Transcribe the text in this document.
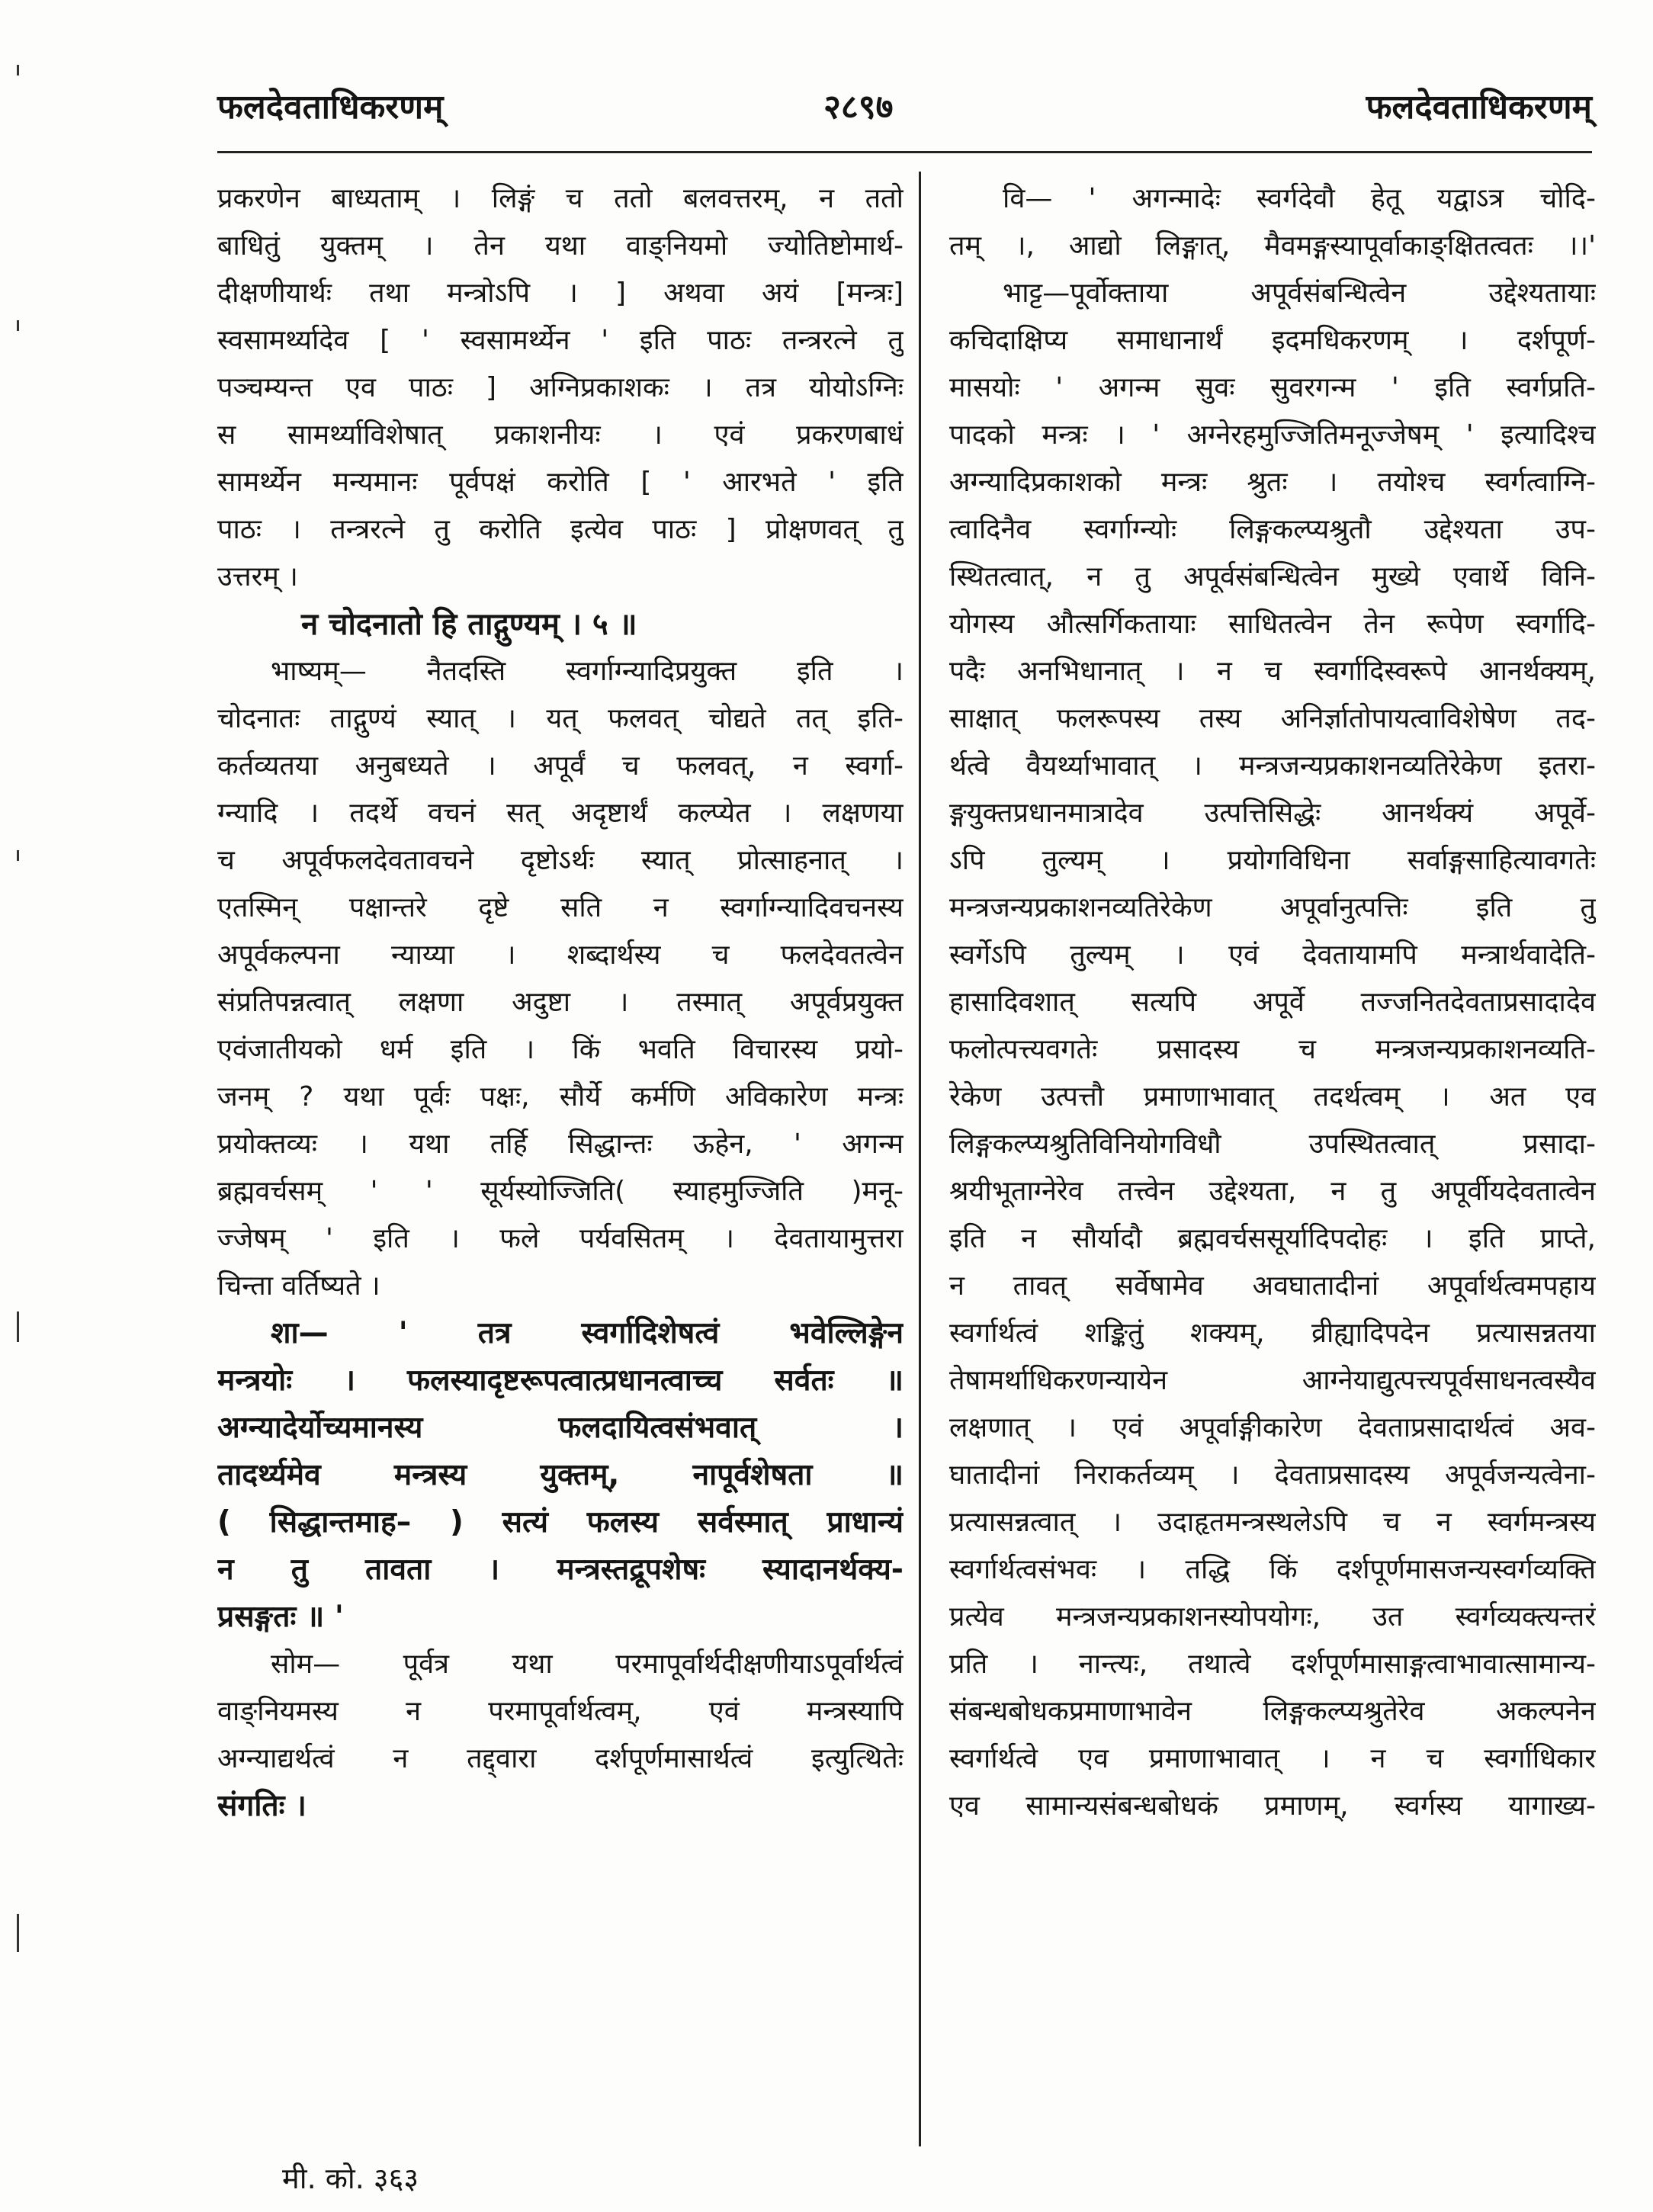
फलदेवताधिकरणम्	२८९७	फलदेवताधिकरणम्
प्रकरणेन बाध्यताम् । लिङ्गं च ततो बलवत्तरम्, न ततो
बाधितुं युक्तम् । तेन यथा वाङ्नियमो ज्योतिष्टोमार्थ-
दीक्षणीयार्थः तथा मन्त्रोऽपि । ] अथवा अयं [मन्त्रः]
स्वसामर्थ्यादेव [ ' स्वसामर्थ्येन ' इति पाठः तन्त्ररत्ने तु
पञ्चम्यन्त एव पाठः ] अग्निप्रकाशकः । तत्र योयोऽग्निः
स सामर्थ्याविशेषात् प्रकाशनीयः । एवं प्रकरणबाधं
सामर्थ्येन मन्यमानः पूर्वपक्षं करोति [ ' आरभते ' इति
पाठः । तन्त्ररत्ने तु करोति इत्येव पाठः ] प्रोक्षणवत् तु
उत्तरम् ।
न चोदनातो हि ताद्गुण्यम् । ५ ॥
भाष्यम्— नैतदस्ति स्वर्गाग्न्यादिप्रयुक्त इति ।
चोदनातः ताद्गुण्यं स्यात् । यत् फलवत् चोद्यते तत् इति-
कर्तव्यतया अनुबध्यते । अपूर्वं च फलवत्, न स्वर्गा-
ग्न्यादि । तदर्थे वचनं सत् अदृष्टार्थं कल्प्येत । लक्षणया
च अपूर्वफलदेवतावचने दृष्टोऽर्थः स्यात् प्रोत्साहनात् ।
एतस्मिन् पक्षान्तरे दृष्टे सति न स्वर्गाग्न्यादिवचनस्य
अपूर्वकल्पना न्याय्या । शब्दार्थस्य च फलदेवतत्वेन
संप्रतिपन्नत्वात् लक्षणा अदुष्टा । तस्मात् अपूर्वप्रयुक्त
एवंजातीयको धर्म इति । किं भवति विचारस्य प्रयो-
जनम् ? यथा पूर्वः पक्षः, सौर्ये कर्मणि अविकारेण मन्त्रः
प्रयोक्तव्यः । यथा तर्हि सिद्धान्तः ऊहेन, ' अगन्म
ब्रह्मवर्चसम् ' ' सूर्यस्योज्जिति( स्याहमुज्जिति )मनू-
ज्जेषम् ' इति । फले पर्यवसितम् । देवतायामुत्तरा
चिन्ता वर्तिष्यते ।
शा— ' तत्र स्वर्गादिशेषत्वं भवेल्लिङ्गेन
मन्त्रयोः । फलस्यादृष्टरूपत्वात्प्रधानत्वाच्च सर्वतः ॥
अग्न्यादेर्योच्यमानस्य फलदायित्वसंभवात् ।
तादर्थ्यमेव मन्त्रस्य युक्तम्, नापूर्वशेषता ॥
( सिद्धान्तमाह– ) सत्यं फलस्य सर्वस्मात् प्राधान्यं
न तु तावता । मन्त्रस्तद्रूपशेषः स्यादानर्थक्य-
प्रसङ्गतः ॥ '
सोम— पूर्वत्र यथा परमापूर्वार्थदीक्षणीयाऽपूर्वार्थत्वं
वाङ्नियमस्य न परमापूर्वार्थत्वम्, एवं मन्त्रस्यापि
अग्न्याद्यर्थत्वं न तद्द्वारा दर्शपूर्णमासार्थत्वं इत्युत्थितेः
संगतिः ।
वि— ' अगन्मादेः स्वर्गदेवौ हेतू यद्वाऽत्र चोदि-
तम् ।, आद्यो लिङ्गात्, मैवमङ्गस्यापूर्वाकाङ्क्षितत्वतः ।।'
भाट्ट—पूर्वोक्ताया अपूर्वसंबन्धित्वेन उद्देश्यतायाः
कचिदाक्षिप्य समाधानार्थं इदमधिकरणम् । दर्शपूर्ण-
मासयोः ' अगन्म सुवः सुवरगन्म ' इति स्वर्गप्रति-
पादको मन्त्रः । ' अग्नेरहमुज्जितिमनूज्जेषम् ' इत्यादिश्च
अग्न्यादिप्रकाशको मन्त्रः श्रुतः । तयोश्च स्वर्गत्वाग्नि-
त्वादिनैव स्वर्गाग्न्योः लिङ्गकल्प्यश्रुतौ उद्देश्यता उप-
स्थितत्वात्, न तु अपूर्वसंबन्धित्वेन मुख्ये एवार्थे विनि-
योगस्य औत्सर्गिकतायाः साधितत्वेन तेन रूपेण स्वर्गादि-
पदैः अनभिधानात् । न च स्वर्गादिस्वरूपे आनर्थक्यम्,
साक्षात् फलरूपस्य तस्य अनिर्ज्ञातोपायत्वाविशेषेण तद-
र्थत्वे वैयर्थ्याभावात् । मन्त्रजन्यप्रकाशनव्यतिरेकेण इतरा-
ङ्गयुक्तप्रधानमात्रादेव उत्पत्तिसिद्धेः आनर्थक्यं अपूर्वे-
ऽपि तुल्यम् । प्रयोगविधिना सर्वाङ्गसाहित्यावगतेः
मन्त्रजन्यप्रकाशनव्यतिरेकेण अपूर्वानुत्पत्तिः इति तु
स्वर्गेऽपि तुल्यम् । एवं देवतायामपि मन्त्रार्थवादेति-
हासादिवशात् सत्यपि अपूर्वे तज्जनितदेवताप्रसादादेव
फलोत्पत्त्यवगतेः प्रसादस्य च मन्त्रजन्यप्रकाशनव्यति-
रेकेण उत्पत्तौ प्रमाणाभावात् तदर्थत्वम् । अत एव
लिङ्गकल्प्यश्रुतिविनियोगविधौ उपस्थितत्वात् प्रसादा-
श्रयीभूताग्नेरेव तत्त्वेन उद्देश्यता, न तु अपूर्वीयदेवतात्वेन
इति न सौर्यादौ ब्रह्मवर्चससूर्यादिपदोहः । इति प्राप्ते,
न तावत् सर्वेषामेव अवघातादीनां अपूर्वार्थत्वमपहाय
स्वर्गार्थत्वं शङ्कितुं शक्यम्, व्रीह्यादिपदेन प्रत्यासन्नतया
तेषामर्थाधिकरणन्यायेन आग्नेयाद्युत्पत्त्यपूर्वसाधनत्वस्यैव
लक्षणात् । एवं अपूर्वाङ्गीकारेण देवताप्रसादार्थत्वं अव-
घातादीनां निराकर्तव्यम् । देवताप्रसादस्य अपूर्वजन्यत्वेना-
प्रत्यासन्नत्वात् । उदाहृतमन्त्रस्थलेऽपि च न स्वर्गमन्त्रस्य
स्वर्गार्थत्वसंभवः । तद्धि किं दर्शपूर्णमासजन्यस्वर्गव्यक्ति
प्रत्येव मन्त्रजन्यप्रकाशनस्योपयोगः, उत स्वर्गव्यक्त्यन्तरं
प्रति । नान्त्यः, तथात्वे दर्शपूर्णमासाङ्गत्वाभावात्सामान्य-
संबन्धबोधकप्रमाणाभावेन लिङ्गकल्प्यश्रुतेरेव अकल्पनेन
स्वर्गार्थत्वे एव प्रमाणाभावात् । न च स्वर्गाधिकार
एव सामान्यसंबन्धबोधकं प्रमाणम्, स्वर्गस्य यागाख्य-
मी. को. ३६३
